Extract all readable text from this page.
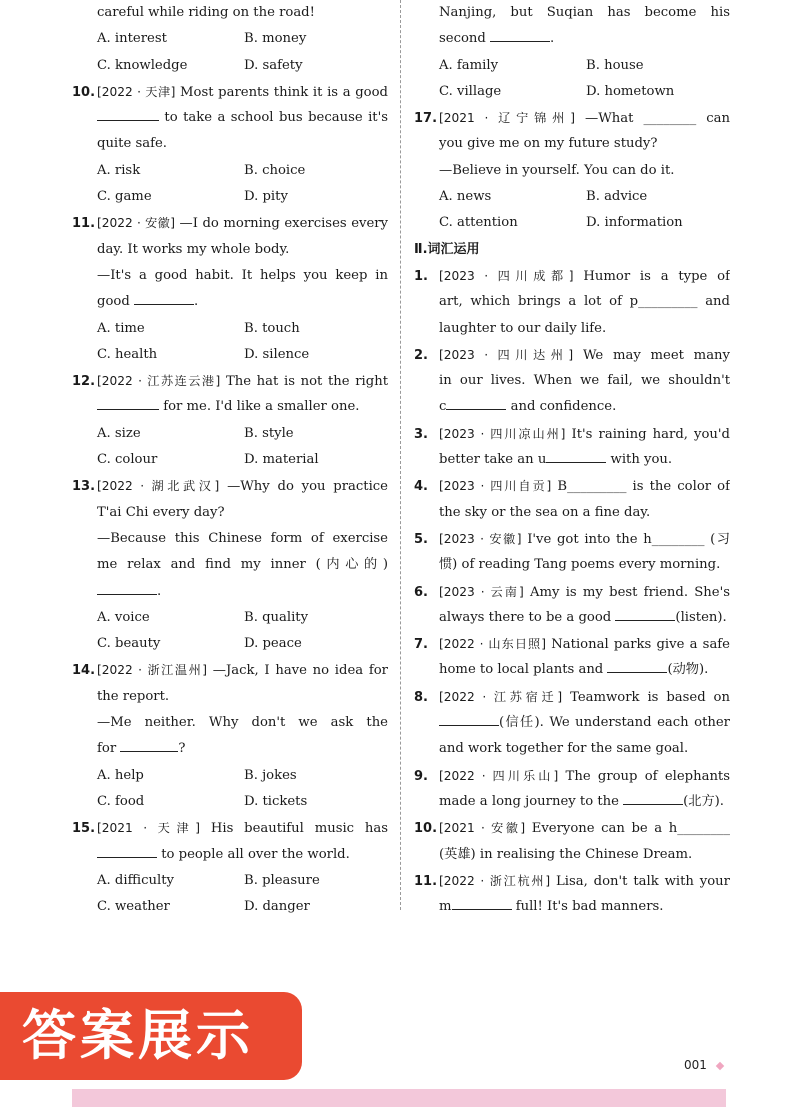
careful while riding on the road!
A. interest	B. money
C. knowledge	D. safety
10. [2022 · 天津] Most parents think it is a good
to take a school bus because it's
quite safe.
A. risk	B. choice
C. game	D. pity
11. [2022 · 安徽] —I do morning exercises every
day. It works my whole body.
—It's a good habit. It helps you keep in
good	.
A. time	B. touch
C. health	D. silence
12. [2022 · 江苏连云港] The hat is not the right
for me. I'd like a smaller one.
A. size	B. style
C. colour	D. material
13. [2022 · 湖北武汉] —Why do you practice
T'ai Chi every day?
—Because this Chinese form of exercise
me relax and find my inner (内心的)
.
A. voice	B. quality
C. beauty	D. peace
14. [2022 · 浙江温州] —Jack, I have no idea for
the report.
—Me neither. Why don't we ask the
for	?
A. help	B. jokes
C. food	D. tickets
15. [2021 · 天津] His beautiful music has
to people all over the world.
A. difficulty	B. pleasure
C. weather	D. danger
Nanjing, but Suqian has become his
second	.
A. family	B. house
C. village	D. hometown
17. [2021 · 辽宁锦州] —What ________ can
you give me on my future study?
—Believe in yourself. You can do it.
A. news	B. advice
C. attention	D. information
Ⅱ.词汇运用
1. [2023 · 四川成都] Humor is a type of
art, which brings a lot of p_________ and
laughter to our daily life.
2. [2023 · 四川达州] We may meet many
in our lives. When we fail, we shouldn't
c	and confidence.
3. [2023 · 四川凉山州] It's raining hard, you'd
better take an u	with you.
4. [2023 · 四川自贡] B_________ is the color of
the sky or the sea on a fine day.
5. [2023 · 安徽] I've got into the h________ (习
惯) of reading Tang poems every morning.
6. [2023 · 云南] Amy is my best friend. She's
always there to be a good	(listen).
7. [2022 · 山东日照] National parks give a safe
home to local plants and	(动物).
8. [2022 · 江苏宿迁] Teamwork is based on
(信任). We understand each other
and work together for the same goal.
9. [2022 · 四川乐山] The group of elephants
made a long journey to the	(北方).
10. [2021 · 安徽] Everyone can be a h________
(英雄) in realising the Chinese Dream.
11. [2022 · 浙江杭州] Lisa, don't talk with your
m	full! It's bad manners.
答案展示	001
